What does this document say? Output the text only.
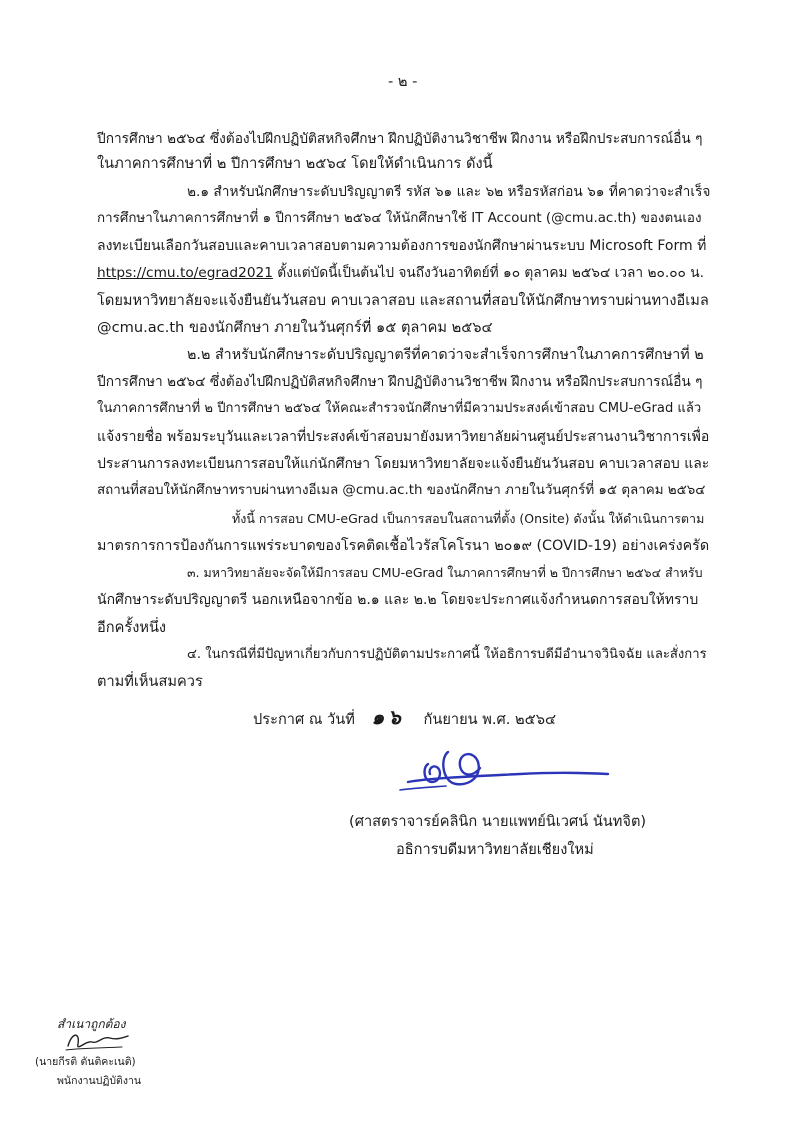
- ๒ -
ปีการศึกษา ๒๕๖๔ ซึ่งต้องไปฝึกปฏิบัติสหกิจศึกษา ฝึกปฏิบัติงานวิชาชีพ ฝึกงาน หรือฝึกประสบการณ์อื่น ๆ
ในภาคการศึกษาที่ ๒ ปีการศึกษา ๒๕๖๔ โดยให้ดำเนินการ ดังนี้
๒.๑ สำหรับนักศึกษาระดับปริญญาตรี รหัส ๖๑ และ ๖๒ หรือรหัสก่อน ๖๑ ที่คาดว่าจะสำเร็จ
การศึกษาในภาคการศึกษาที่ ๑ ปีการศึกษา ๒๕๖๔ ให้นักศึกษาใช้ IT Account (@cmu.ac.th) ของตนเอง
ลงทะเบียนเลือกวันสอบและคาบเวลาสอบตามความต้องการของนักศึกษาผ่านระบบ Microsoft Form ที่
https://cmu.to/egrad2021 ตั้งแต่บัดนี้เป็นต้นไป จนถึงวันอาทิตย์ที่ ๑๐ ตุลาคม ๒๕๖๔ เวลา ๒๐.๐๐ น.
โดยมหาวิทยาลัยจะแจ้งยืนยันวันสอบ คาบเวลาสอบ และสถานที่สอบให้นักศึกษาทราบผ่านทางอีเมล
@cmu.ac.th ของนักศึกษา ภายในวันศุกร์ที่ ๑๕ ตุลาคม ๒๕๖๔
๒.๒ สำหรับนักศึกษาระดับปริญญาตรีที่คาดว่าจะสำเร็จการศึกษาในภาคการศึกษาที่ ๒
ปีการศึกษา ๒๕๖๔ ซึ่งต้องไปฝึกปฏิบัติสหกิจศึกษา ฝึกปฏิบัติงานวิชาชีพ ฝึกงาน หรือฝึกประสบการณ์อื่น ๆ
ในภาคการศึกษาที่ ๒ ปีการศึกษา ๒๕๖๔ ให้คณะสำรวจนักศึกษาที่มีความประสงค์เข้าสอบ CMU-eGrad แล้ว
แจ้งรายชื่อ พร้อมระบุวันและเวลาที่ประสงค์เข้าสอบมายังมหาวิทยาลัยผ่านศูนย์ประสานงานวิชาการเพื่อ
ประสานการลงทะเบียนการสอบให้แก่นักศึกษา โดยมหาวิทยาลัยจะแจ้งยืนยันวันสอบ คาบเวลาสอบ และ
สถานที่สอบให้นักศึกษาทราบผ่านทางอีเมล @cmu.ac.th ของนักศึกษา ภายในวันศุกร์ที่ ๑๕ ตุลาคม ๒๕๖๔
ทั้งนี้ การสอบ CMU-eGrad เป็นการสอบในสถานที่ตั้ง (Onsite) ดังนั้น ให้ดำเนินการตาม
มาตรการการป้องกันการแพร่ระบาดของโรคติดเชื้อไวรัสโคโรนา ๒๐๑๙ (COVID-19) อย่างเคร่งครัด
๓. มหาวิทยาลัยจะจัดให้มีการสอบ CMU-eGrad ในภาคการศึกษาที่ ๒ ปีการศึกษา ๒๕๖๔ สำหรับ
นักศึกษาระดับปริญญาตรี นอกเหนือจากข้อ ๒.๑ และ ๒.๒ โดยจะประกาศแจ้งกำหนดการสอบให้ทราบ
อีกครั้งหนึ่ง
๔. ในกรณีที่มีปัญหาเกี่ยวกับการปฏิบัติตามประกาศนี้ ให้อธิการบดีมีอำนาจวินิจฉัย และสั่งการ
ตามที่เห็นสมควร
ประกาศ ณ วันที่ ๑๖ กันยายน พ.ศ. ๒๕๖๔
(ศาสตราจารย์คลินิก นายแพทย์นิเวศน์ นันทจิต)
อธิการบดีมหาวิทยาลัยเชียงใหม่
สำเนาถูกต้อง
(นายกีรติ ตันติคะเนติ)
พนักงานปฏิบัติงาน
